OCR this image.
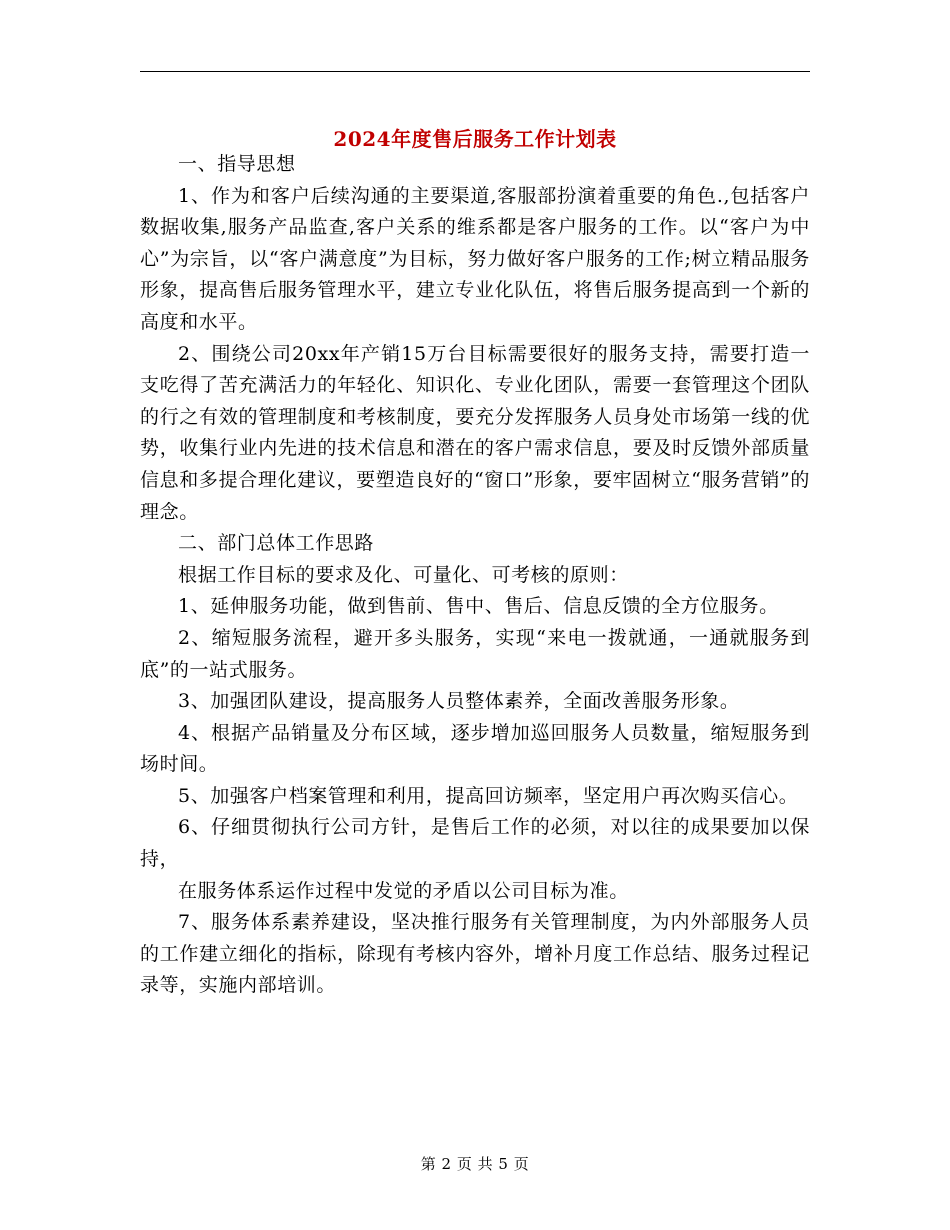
2024年度售后服务工作计划表

一、指导思想

1、作为和客户后续沟通的主要渠道,客服部扮演着重要的角色.,包括客户数据收集,服务产品监查,客户关系的维系都是客户服务的工作。以“客户为中心”为宗旨，以“客户满意度”为目标，努力做好客户服务的工作;树立精品服务形象，提高售后服务管理水平，建立专业化队伍，将售后服务提高到一个新的高度和水平。

2、围绕公司20xx年产销15万台目标需要很好的服务支持，需要打造一支吃得了苦充满活力的年轻化、知识化、专业化团队，需要一套管理这个团队的行之有效的管理制度和考核制度，要充分发挥服务人员身处市场第一线的优势，收集行业内先进的技术信息和潜在的客户需求信息，要及时反馈外部质量信息和多提合理化建议，要塑造良好的“窗口”形象，要牢固树立“服务营销”的理念。

二、部门总体工作思路

根据工作目标的要求及化、可量化、可考核的原则：

1、延伸服务功能，做到售前、售中、售后、信息反馈的全方位服务。

2、缩短服务流程，避开多头服务，实现“来电一拨就通，一通就服务到底”的一站式服务。

3、加强团队建设，提高服务人员整体素养，全面改善服务形象。

4、根据产品销量及分布区域，逐步增加巡回服务人员数量，缩短服务到场时间。

5、加强客户档案管理和利用，提高回访频率，坚定用户再次购买信心。

6、仔细贯彻执行公司方针，是售后工作的必须，对以往的成果要加以保持，

在服务体系运作过程中发觉的矛盾以公司目标为准。

7、服务体系素养建设，坚决推行服务有关管理制度，为内外部服务人员的工作建立细化的指标，除现有考核内容外，增补月度工作总结、服务过程记录等，实施内部培训。

第 2 页 共 5 页
